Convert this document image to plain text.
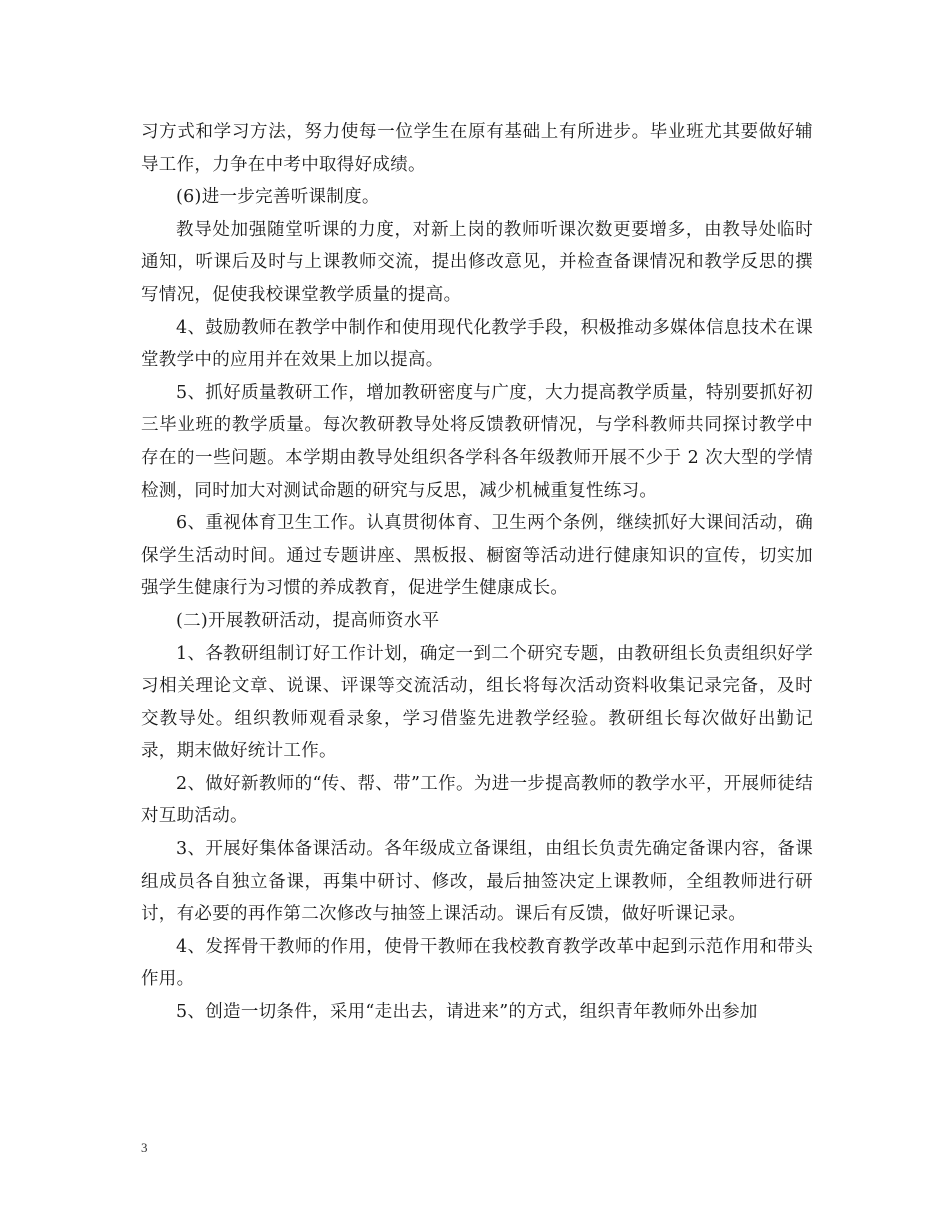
习方式和学习方法，努力使每一位学生在原有基础上有所进步。毕业班尤其要做好辅导工作，力争在中考中取得好成绩。

(6)进一步完善听课制度。

教导处加强随堂听课的力度，对新上岗的教师听课次数更要增多，由教导处临时通知，听课后及时与上课教师交流，提出修改意见，并检查备课情况和教学反思的撰写情况，促使我校课堂教学质量的提高。

4、鼓励教师在教学中制作和使用现代化教学手段，积极推动多媒体信息技术在课堂教学中的应用并在效果上加以提高。

5、抓好质量教研工作，增加教研密度与广度，大力提高教学质量，特别要抓好初三毕业班的教学质量。每次教研教导处将反馈教研情况，与学科教师共同探讨教学中存在的一些问题。本学期由教导处组织各学科各年级教师开展不少于 2 次大型的学情检测，同时加大对测试命题的研究与反思，减少机械重复性练习。

6、重视体育卫生工作。认真贯彻体育、卫生两个条例，继续抓好大课间活动，确保学生活动时间。通过专题讲座、黑板报、橱窗等活动进行健康知识的宣传，切实加强学生健康行为习惯的养成教育，促进学生健康成长。

(二)开展教研活动，提高师资水平

1、各教研组制订好工作计划，确定一到二个研究专题，由教研组长负责组织好学习相关理论文章、说课、评课等交流活动，组长将每次活动资料收集记录完备，及时交教导处。组织教师观看录象，学习借鉴先进教学经验。教研组长每次做好出勤记录，期末做好统计工作。

2、做好新教师的“传、帮、带”工作。为进一步提高教师的教学水平，开展师徒结对互助活动。

3、开展好集体备课活动。各年级成立备课组，由组长负责先确定备课内容，备课组成员各自独立备课，再集中研讨、修改，最后抽签决定上课教师，全组教师进行研讨，有必要的再作第二次修改与抽签上课活动。课后有反馈，做好听课记录。

4、发挥骨干教师的作用，使骨干教师在我校教育教学改革中起到示范作用和带头作用。

5、创造一切条件，采用“走出去，请进来”的方式，组织青年教师外出参加

3
